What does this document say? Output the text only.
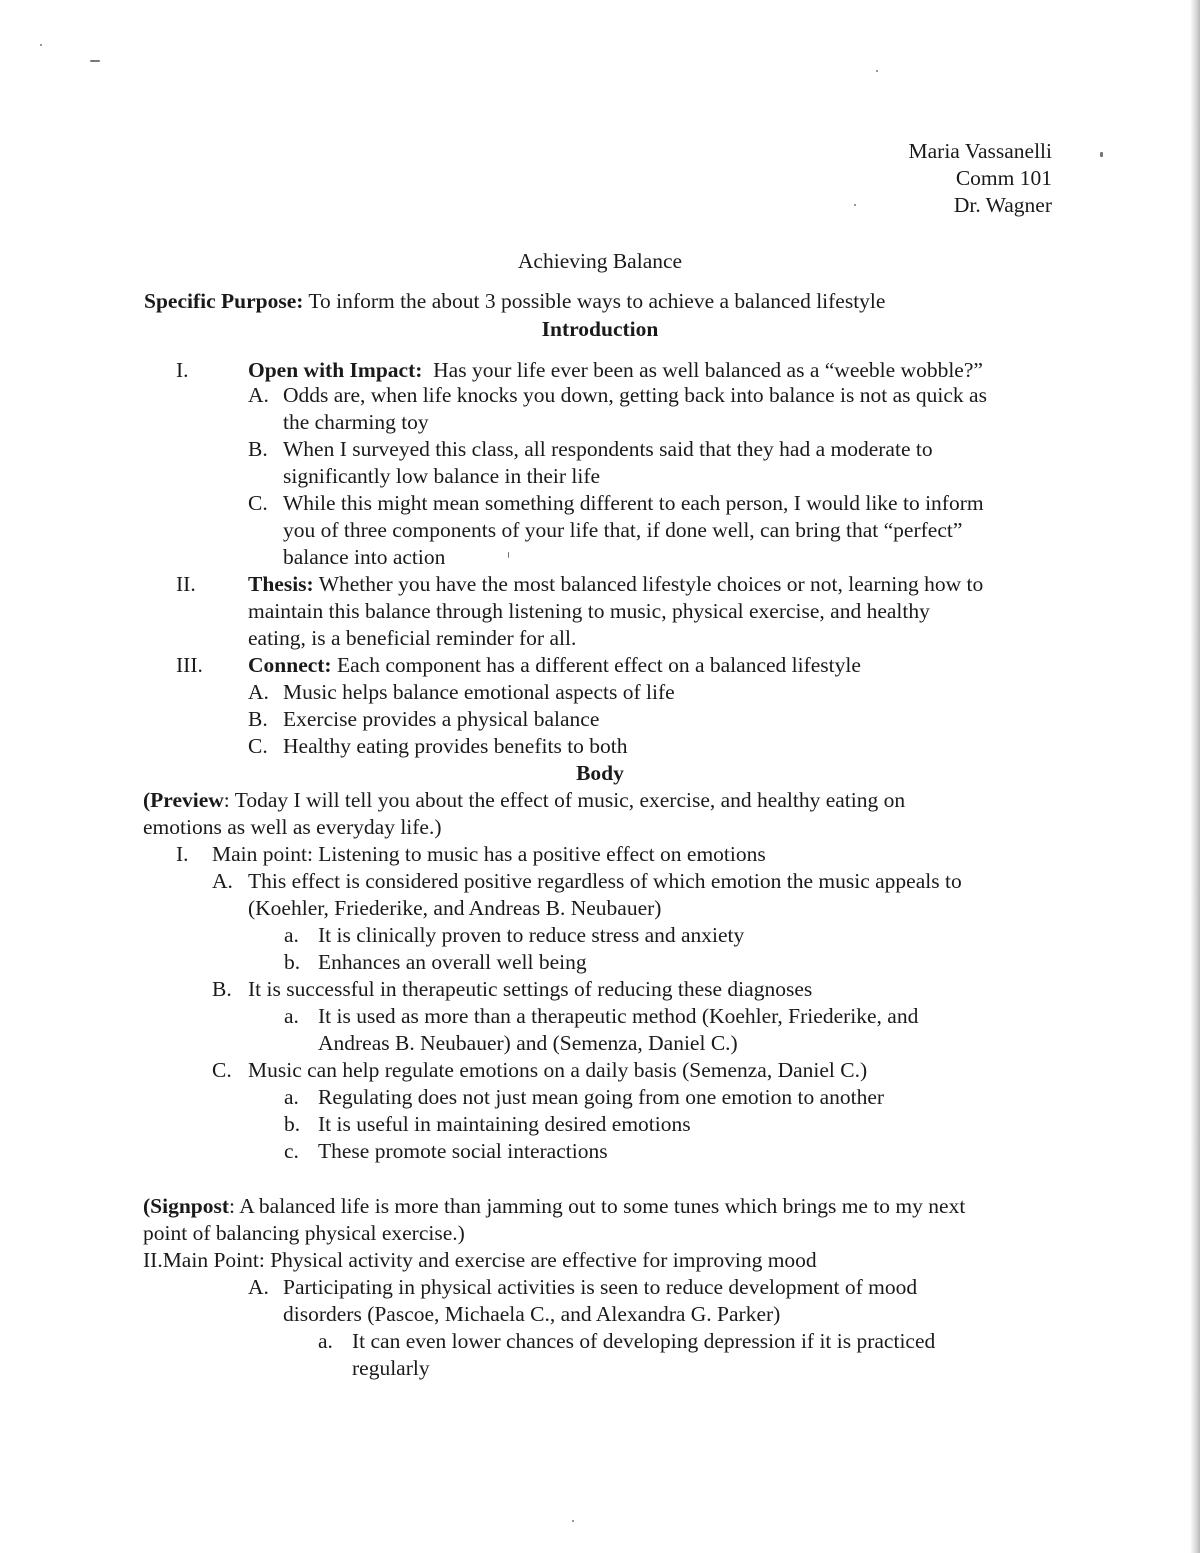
Maria Vassanelli
Comm 101
Dr. Wagner
Achieving Balance
Specific Purpose: To inform the about 3 possible ways to achieve a balanced lifestyle
Introduction
I.	Open with Impact:  Has your life ever been as well balanced as a “weeble wobble?”
A. Odds are, when life knocks you down, getting back into balance is not as quick as
the charming toy
B. When I surveyed this class, all respondents said that they had a moderate to
significantly low balance in their life
C. While this might mean something different to each person, I would like to inform
you of three components of your life that, if done well, can bring that “perfect”
balance into action
II. Thesis: Whether you have the most balanced lifestyle choices or not, learning how to
maintain this balance through listening to music, physical exercise, and healthy
eating, is a beneficial reminder for all.
III. Connect: Each component has a different effect on a balanced lifestyle
A. Music helps balance emotional aspects of life
B. Exercise provides a physical balance
C. Healthy eating provides benefits to both
Body
(Preview: Today I will tell you about the effect of music, exercise, and healthy eating on
emotions as well as everyday life.)
I. Main point: Listening to music has a positive effect on emotions
A. This effect is considered positive regardless of which emotion the music appeals to
(Koehler, Friederike, and Andreas B. Neubauer)
a. It is clinically proven to reduce stress and anxiety
b. Enhances an overall well being
B. It is successful in therapeutic settings of reducing these diagnoses
a. It is used as more than a therapeutic method (Koehler, Friederike, and
Andreas B. Neubauer) and (Semenza, Daniel C.)
C. Music can help regulate emotions on a daily basis (Semenza, Daniel C.)
a. Regulating does not just mean going from one emotion to another
b. It is useful in maintaining desired emotions
c. These promote social interactions
(Signpost: A balanced life is more than jamming out to some tunes which brings me to my next
point of balancing physical exercise.)
II.Main Point: Physical activity and exercise are effective for improving mood
A. Participating in physical activities is seen to reduce development of mood
disorders (Pascoe, Michaela C., and Alexandra G. Parker)
a. It can even lower chances of developing depression if it is practiced
regularly
